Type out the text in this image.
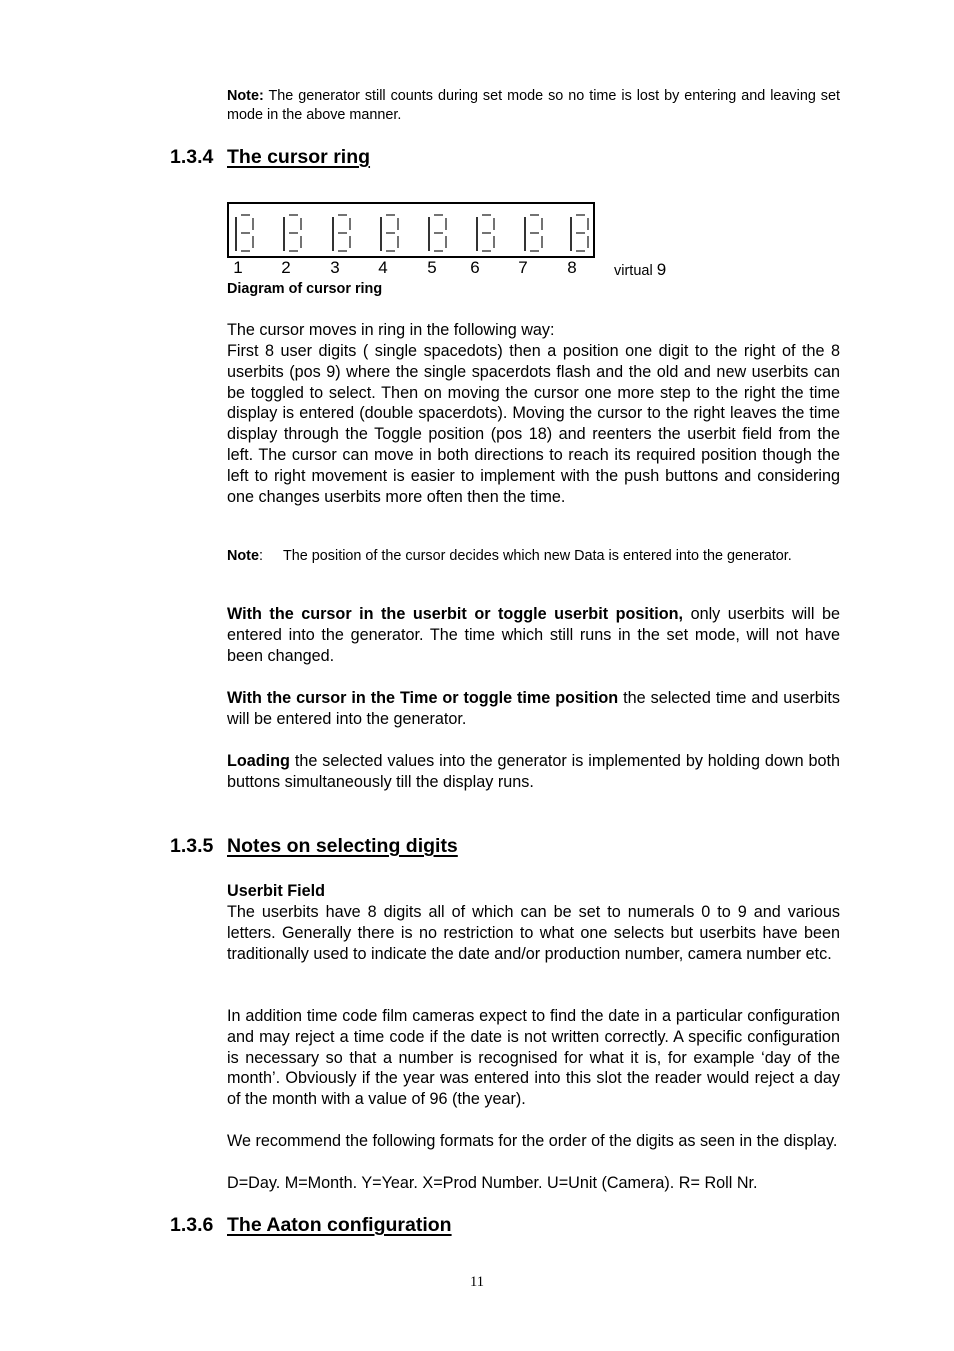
Note: The generator still counts during set mode so no time is lost by entering and leaving set mode in the above manner.

1.3.4 The cursor ring
1	2	3	4	5	6	7	8	virtual 9
Diagram of cursor ring

The cursor moves in ring in the following way:

First 8 user digits ( single spacedots) then a position one digit to the right of the 8 userbits (pos 9) where the single spacerdots flash and the old and new userbits can be toggled to select. Then on moving the cursor one more step to the right the time display is entered (double spacerdots). Moving the cursor to the right leaves the time display through the Toggle position (pos 18) and reenters the userbit field from the left. The cursor can move in both directions to reach its required position though the left to right movement is easier to implement with the push buttons and considering one changes userbits more often then the time.

Note: The position of the cursor decides which new Data is entered into the generator.

With the cursor in the userbit or toggle userbit position, only userbits will be entered into the generator. The time which still runs in the set mode, will not have been changed.

With the cursor in the Time or toggle time position the selected time and userbits will be entered into the generator.

Loading the selected values into the generator is implemented by holding down both buttons simultaneously till the display runs.

1.3.5 Notes on selecting digits
Userbit Field

The userbits have 8 digits all of which can be set to numerals 0 to 9 and various letters. Generally there is no restriction to what one selects but userbits have been traditionally used to indicate the date and/or production number, camera number etc.

In addition time code film cameras expect to find the date in a particular configuration and may reject a time code if the date is not written correctly. A specific configuration is necessary so that a number is recognised for what it is, for example ‘day of the month’. Obviously if the year was entered into this slot the reader would reject a day of the month with a value of 96 (the year).

We recommend the following formats for the order of the digits as seen in the display.

D=Day. M=Month. Y=Year. X=Prod Number. U=Unit (Camera). R= Roll Nr.

1.3.6 The Aaton configuration
11
